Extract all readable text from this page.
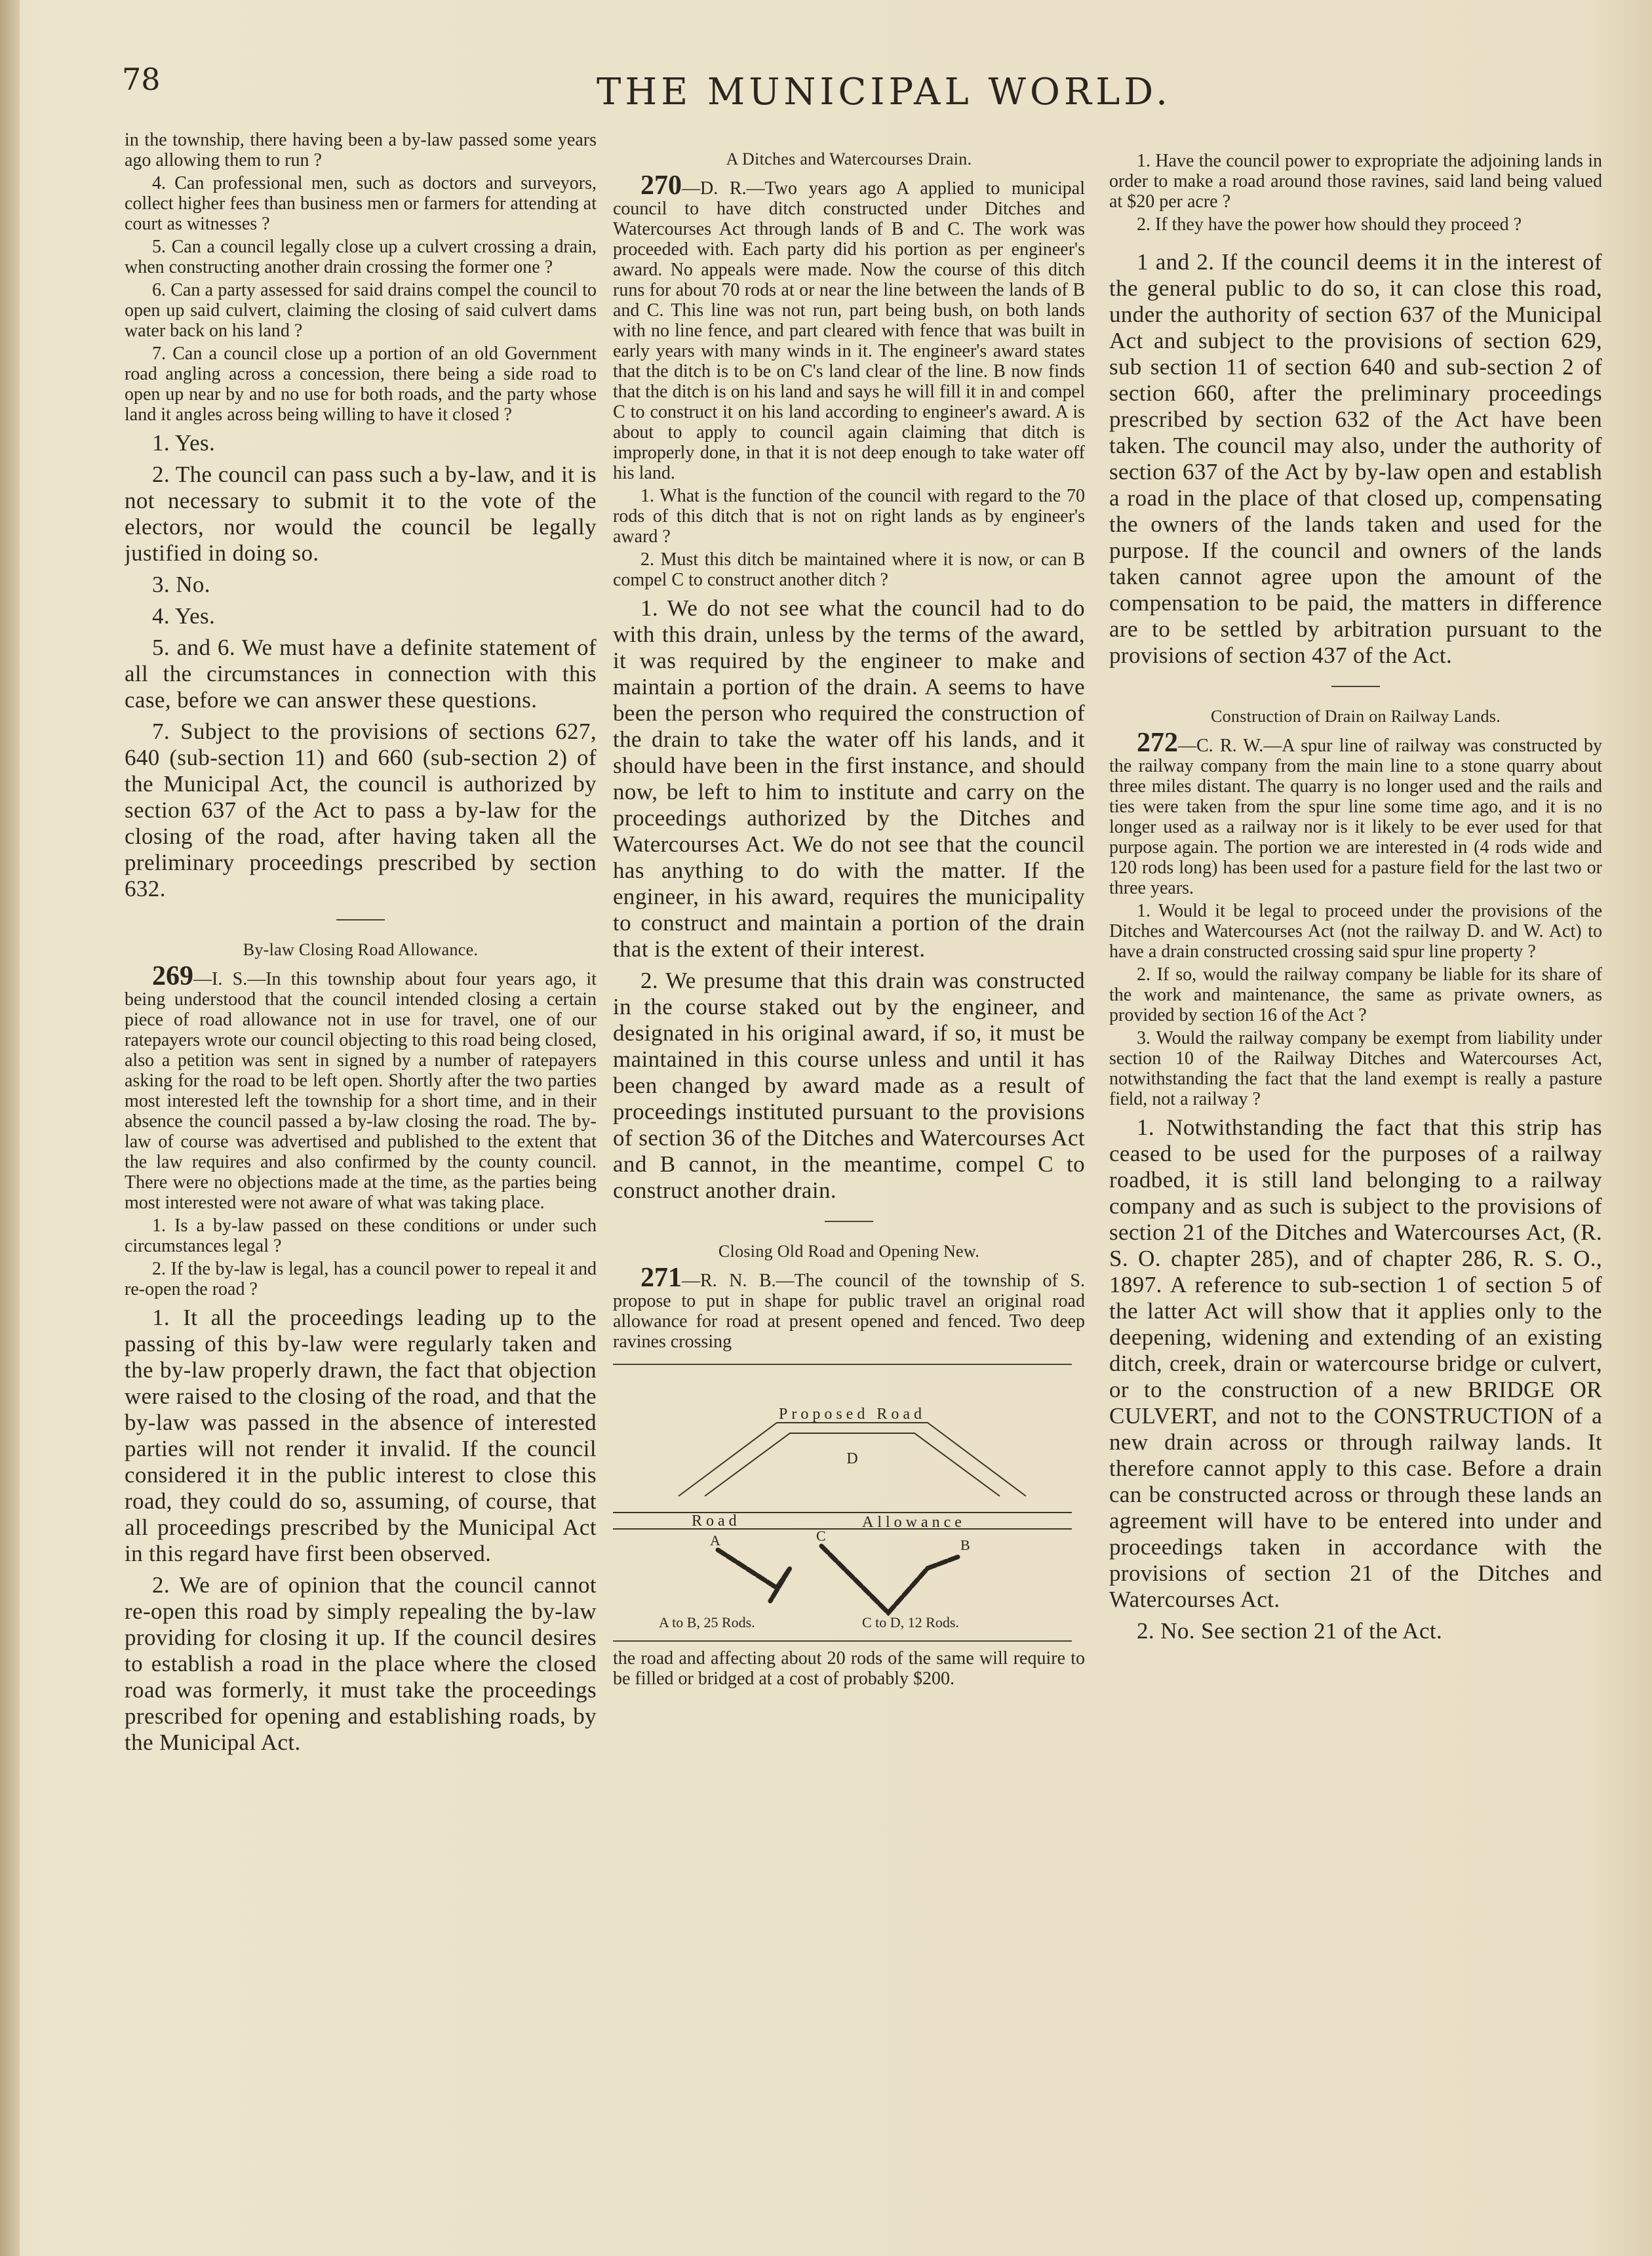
78	THE MUNICIPAL WORLD.

in the township, there having been a by-law passed some years ago allowing them to run ?

4. Can professional men, such as doctors and surveyors, collect higher fees than business men or farmers for attending at court as witnesses ?

5. Can a council legally close up a culvert crossing a drain, when constructing another drain crossing the former one ?

6. Can a party assessed for said drains compel the council to open up said culvert, claiming the closing of said culvert dams water back on his land ?

7. Can a council close up a portion of an old Government road angling across a concession, there being a side road to open up near by and no use for both roads, and the party whose land it angles across being willing to have it closed ?

1. Yes.

2. The council can pass such a by-law, and it is not necessary to submit it to the vote of the electors, nor would the council be legally justified in doing so.

3. No.

4. Yes.

5. and 6. We must have a definite statement of all the circumstances in connection with this case, before we can answer these questions.

7. Subject to the provisions of sections 627, 640 (sub-section 11) and 660 (sub-section 2) of the Municipal Act, the council is authorized by section 637 of the Act to pass a by-law for the closing of the road, after having taken all the preliminary proceedings prescribed by section 632.

By-law Closing Road Allowance.

269—I. S.—In this township about four years ago, it being understood that the council intended closing a certain piece of road allowance not in use for travel, one of our ratepayers wrote our council objecting to this road being closed, also a petition was sent in signed by a number of ratepayers asking for the road to be left open. Shortly after the two parties most interested left the township for a short time, and in their absence the council passed a by-law closing the road. The by-law of course was advertised and published to the extent that the law requires and also confirmed by the county council. There were no objections made at the time, as the parties being most interested were not aware of what was taking place.

1. Is a by-law passed on these conditions or under such circumstances legal ?

2. If the by-law is legal, has a council power to repeal it and re-open the road ?

1. It all the proceedings leading up to the passing of this by-law were regularly taken and the by-law properly drawn, the fact that objection were raised to the closing of the road, and that the by-law was passed in the absence of interested parties will not render it invalid. If the council considered it in the public interest to close this road, they could do so, assuming, of course, that all proceedings prescribed by the Municipal Act in this regard have first been observed.

2. We are of opinion that the council cannot re-open this road by simply repealing the by-law providing for closing it up. If the council desires to establish a road in the place where the closed road was formerly, it must take the proceedings prescribed for opening and establishing roads, by the Municipal Act.

A Ditches and Watercourses Drain.

270—D. R.—Two years ago A applied to municipal council to have ditch constructed under Ditches and Watercourses Act through lands of B and C. The work was proceeded with. Each party did his portion as per engineer's award. No appeals were made. Now the course of this ditch runs for about 70 rods at or near the line between the lands of B and C. This line was not run, part being bush, on both lands with no line fence, and part cleared with fence that was built in early years with many winds in it. The engineer's award states that the ditch is to be on C's land clear of the line. B now finds that the ditch is on his land and says he will fill it in and compel C to construct it on his land according to engineer's award. A is about to apply to council again claiming that ditch is improperly done, in that it is not deep enough to take water off his land.

1. What is the function of the council with regard to the 70 rods of this ditch that is not on right lands as by engineer's award ?

2. Must this ditch be maintained where it is now, or can B compel C to construct another ditch ?

1. We do not see what the council had to do with this drain, unless by the terms of the award, it was required by the engineer to make and maintain a portion of the drain. A seems to have been the person who required the construction of the drain to take the water off his lands, and it should have been in the first instance, and should now, be left to him to institute and carry on the proceedings authorized by the Ditches and Watercourses Act. We do not see that the council has anything to do with the matter. If the engineer, in his award, requires the municipality to construct and maintain a portion of the drain that is the extent of their interest.

2. We presume that this drain was constructed in the course staked out by the engineer, and designated in his original award, if so, it must be maintained in this course unless and until it has been changed by award made as a result of proceedings instituted pursuant to the provisions of section 36 of the Ditches and Watercourses Act and B cannot, in the meantime, compel C to construct another drain.

Closing Old Road and Opening New.

271—R. N. B.—The council of the township of S. propose to put in shape for public travel an original road allowance for road at present opened and fenced. Two deep ravines crossing

Proposed Road
D
Road	Allowance
A	C
B
A to B, 25 Rods.	C to D, 12 Rods.

the road and affecting about 20 rods of the same will require to be filled or bridged at a cost of probably $200.

1. Have the council power to expropriate the adjoining lands in order to make a road around those ravines, said land being valued at $20 per acre ?

2. If they have the power how should they proceed ?

1 and 2. If the council deems it in the interest of the general public to do so, it can close this road, under the authority of section 637 of the Municipal Act and subject to the provisions of section 629, sub section 11 of section 640 and sub-section 2 of section 660, after the preliminary proceedings prescribed by section 632 of the Act have been taken. The council may also, under the authority of section 637 of the Act by by-law open and establish a road in the place of that closed up, compensating the owners of the lands taken and used for the purpose. If the council and owners of the lands taken cannot agree upon the amount of the compensation to be paid, the matters in difference are to be settled by arbitration pursuant to the provisions of section 437 of the Act.

Construction of Drain on Railway Lands.

272—C. R. W.—A spur line of railway was constructed by the railway company from the main line to a stone quarry about three miles distant. The quarry is no longer used and the rails and ties were taken from the spur line some time ago, and it is no longer used as a railway nor is it likely to be ever used for that purpose again. The portion we are interested in (4 rods wide and 120 rods long) has been used for a pasture field for the last two or three years.

1. Would it be legal to proceed under the provisions of the Ditches and Watercourses Act (not the railway D. and W. Act) to have a drain constructed crossing said spur line property ?

2. If so, would the railway company be liable for its share of the work and maintenance, the same as private owners, as provided by section 16 of the Act ?

3. Would the railway company be exempt from liability under section 10 of the Railway Ditches and Watercourses Act, notwithstanding the fact that the land exempt is really a pasture field, not a railway ?

1. Notwithstanding the fact that this strip has ceased to be used for the purposes of a railway roadbed, it is still land belonging to a railway company and as such is subject to the provisions of section 21 of the Ditches and Watercourses Act, (R. S. O. chapter 285), and of chapter 286, R. S. O., 1897. A reference to sub-section 1 of section 5 of the latter Act will show that it applies only to the deepening, widening and extending of an existing ditch, creek, drain or watercourse bridge or culvert, or to the construction of a new BRIDGE OR CULVERT, and not to the CONSTRUCTION of a new drain across or through railway lands. It therefore cannot apply to this case. Before a drain can be constructed across or through these lands an agreement will have to be entered into under and proceedings taken in accordance with the provisions of section 21 of the Ditches and Watercourses Act.

2. No. See section 21 of the Act.
